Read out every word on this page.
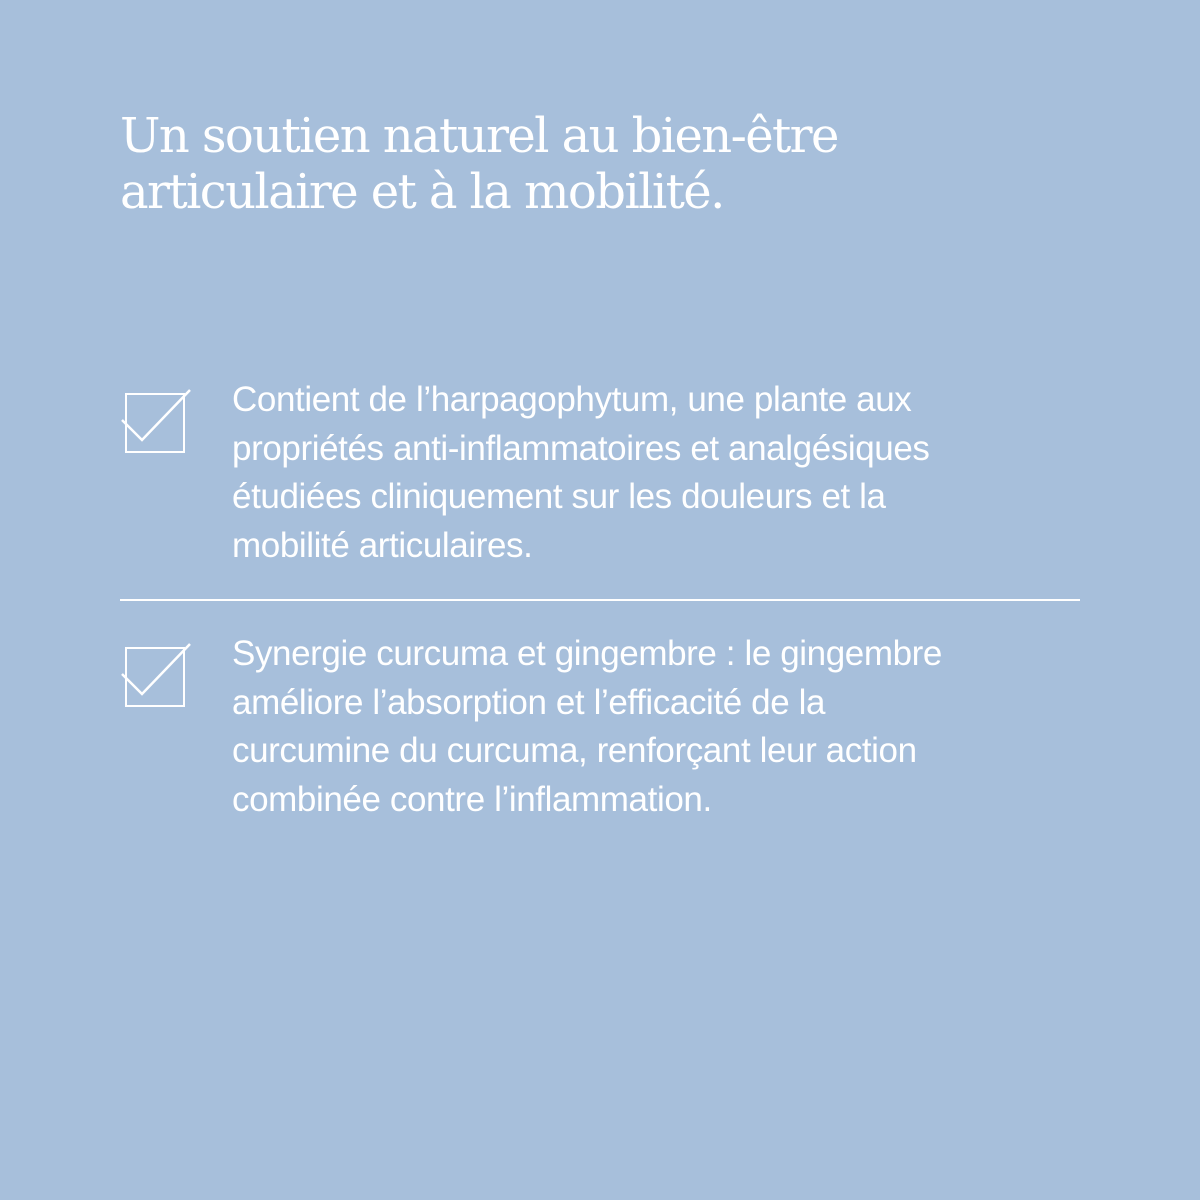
Un soutien naturel au bien-être
articulaire et à la mobilité.
Contient de l’harpagophytum, une plante aux
propriétés anti-inflammatoires et analgésiques
étudiées cliniquement sur les douleurs et la
mobilité articulaires.
Synergie curcuma et gingembre : le gingembre
améliore l’absorption et l’efficacité de la
curcumine du curcuma, renforçant leur action
combinée contre l’inflammation.
